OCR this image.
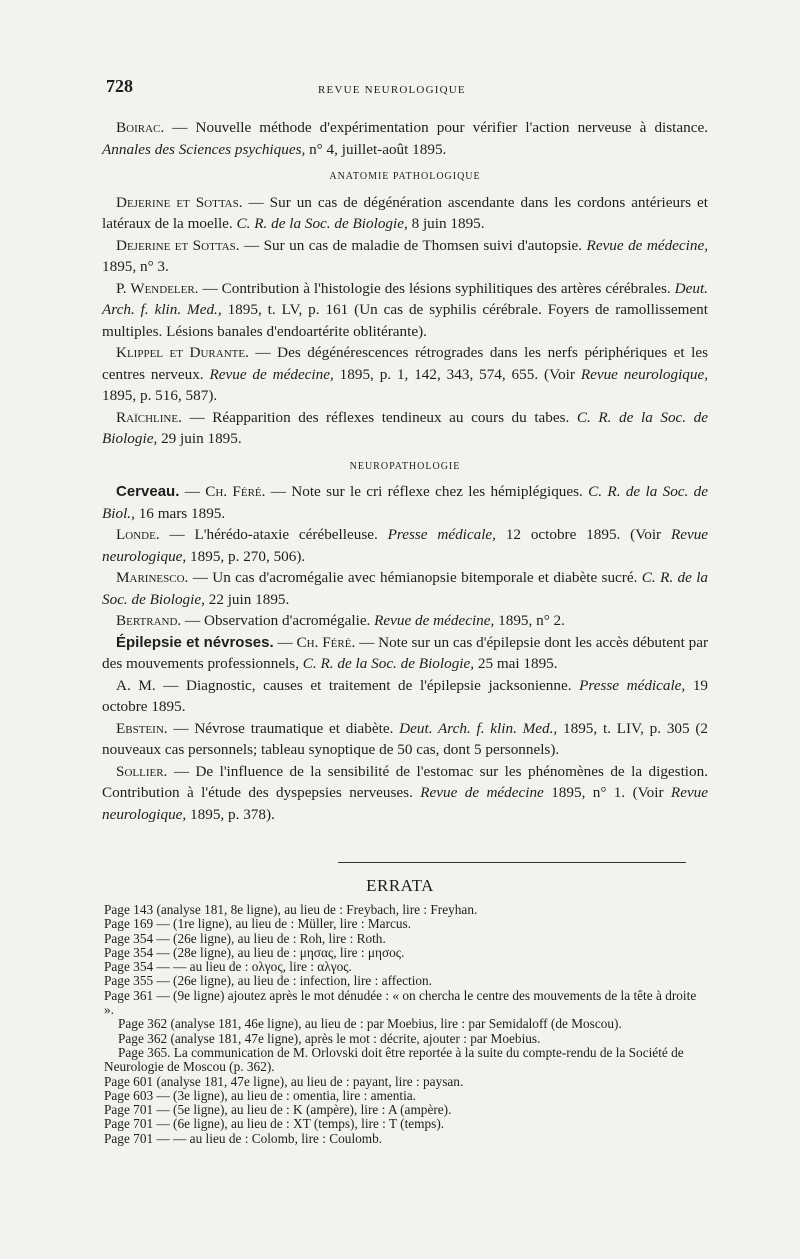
728	REVUE NEUROLOGIQUE

Boirac. — Nouvelle méthode d'expérimentation pour vérifier l'action nerveuse à distance. Annales des Sciences psychiques, n° 4, juillet-août 1895.

ANATOMIE PATHOLOGIQUE

Dejerine et Sottas. — Sur un cas de dégénération ascendante dans les cordons antérieurs et latéraux de la moelle. C. R. de la Soc. de Biologie, 8 juin 1895.

Dejerine et Sottas. — Sur un cas de maladie de Thomsen suivi d'autopsie. Revue de médecine, 1895, n° 3.

P. Wendeler. — Contribution à l'histologie des lésions syphilitiques des artères cérébrales. Deut. Arch. f. klin. Med., 1895, t. LV, p. 161 (Un cas de syphilis cérébrale. Foyers de ramollissement multiples. Lésions banales d'endoartérite oblitérante).

Klippel et Durante. — Des dégénérescences rétrogrades dans les nerfs périphériques et les centres nerveux. Revue de médecine, 1895, p. 1, 142, 343, 574, 655. (Voir Revue neurologique, 1895, p. 516, 587).

Raïchline. — Réapparition des réflexes tendineux au cours du tabes. C. R. de la Soc. de Biologie, 29 juin 1895.

NEUROPATHOLOGIE

Cerveau. — Ch. Féré. — Note sur le cri réflexe chez les hémiplégiques. C. R. de la Soc. de Biol., 16 mars 1895.

Londe. — L'hérédo-ataxie cérébelleuse. Presse médicale, 12 octobre 1895. (Voir Revue neurologique, 1895, p. 270, 506).

Marinesco. — Un cas d'acromégalie avec hémianopsie bitemporale et diabète sucré. C. R. de la Soc. de Biologie, 22 juin 1895.

Bertrand. — Observation d'acromégalie. Revue de médecine, 1895, n° 2.

Épilepsie et névroses. — Ch. Féré. — Note sur un cas d'épilepsie dont les accès débutent par des mouvements professionnels, C. R. de la Soc. de Biologie, 25 mai 1895.

A. M. — Diagnostic, causes et traitement de l'épilepsie jacksonienne. Presse médicale, 19 octobre 1895.

Ebstein. — Névrose traumatique et diabète. Deut. Arch. f. klin. Med., 1895, t. LIV, p. 305 (2 nouveaux cas personnels; tableau synoptique de 50 cas, dont 5 personnels).

Sollier. — De l'influence de la sensibilité de l'estomac sur les phénomènes de la digestion. Contribution à l'étude des dyspepsies nerveuses. Revue de médecine 1895, n° 1. (Voir Revue neurologique, 1895, p. 378).

ERRATA
Page 143 (analyse 181, 8e ligne), au lieu de : Freybach, lire : Freyhan.
Page 169 — (1re ligne), au lieu de : Müller, lire : Marcus.
Page 354 — (26e ligne), au lieu de : Roh, lire : Roth.
Page 354 — (28e ligne), au lieu de : μησας, lire : μησος.
Page 354 — — au lieu de : ολγος, lire : αλγος.
Page 355 — (26e ligne), au lieu de : infection, lire : affection.
Page 361 — (9e ligne) ajoutez après le mot dénudée : « on chercha le centre des mouvements de la tête à droite ».
Page 362 (analyse 181, 46e ligne), au lieu de : par Moebius, lire : par Semidaloff (de Moscou).
Page 362 (analyse 181, 47e ligne), après le mot : décrite, ajouter : par Moebius.
Page 365. La communication de M. Orlovski doit être reportée à la suite du compte-rendu de la Société de Neurologie de Moscou (p. 362).
Page 601 (analyse 181, 47e ligne), au lieu de : payant, lire : paysan.
Page 603 — (3e ligne), au lieu de : omentia, lire : amentia.
Page 701 — (5e ligne), au lieu de : K (ampère), lire : A (ampère).
Page 701 — (6e ligne), au lieu de : XT (temps), lire : T (temps).
Page 701 — — au lieu de : Colomb, lire : Coulomb.
